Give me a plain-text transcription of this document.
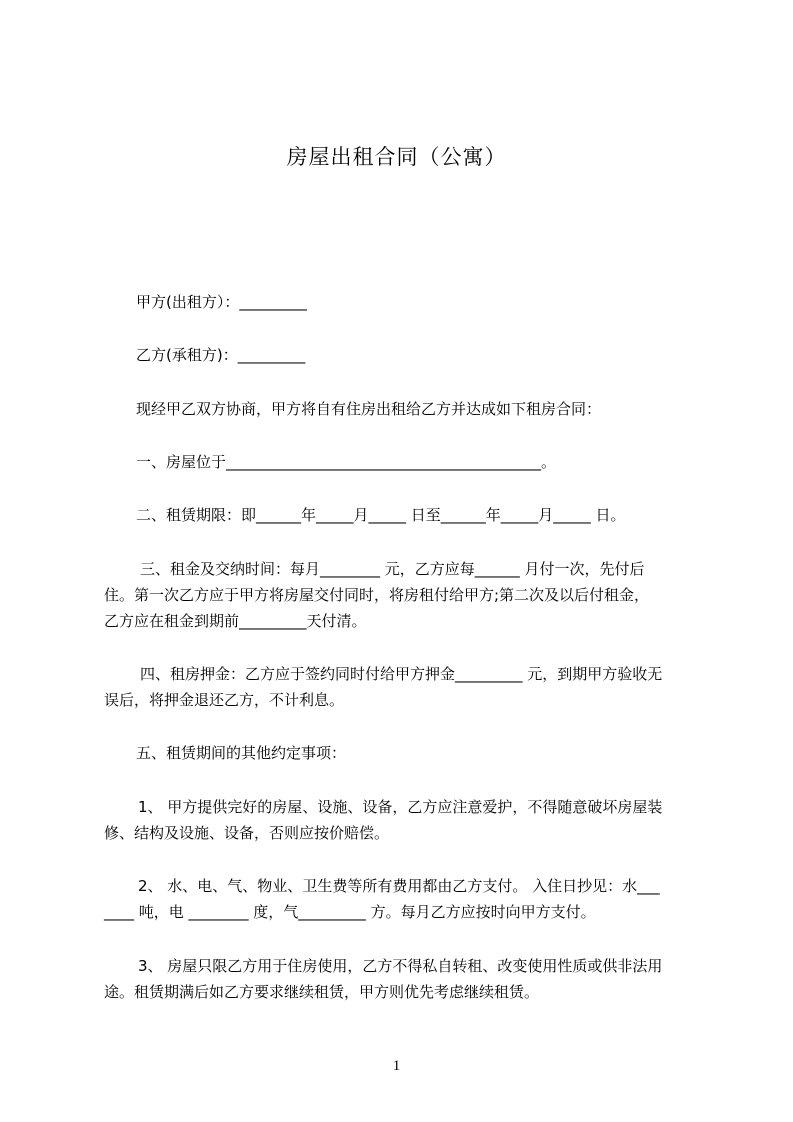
房屋出租合同（公寓）
甲方(出租方）：_________
乙方(承租方)：_________
现经甲乙双方协商，甲方将自有住房出租给乙方并达成如下租房合同：
一、房屋位于__________________________________________。
二、租赁期限：即______年_____月_____ 日至______年_____月_____ 日。
三、租金及交纳时间：每月________ 元，乙方应每______ 月付一次，先付后
住。第一次乙方应于甲方将房屋交付同时，将房租付给甲方;第二次及以后付租金，
乙方应在租金到期前_________天付清。
四、租房押金：乙方应于签约同时付给甲方押金_________ 元，到期甲方验收无
误后，将押金退还乙方，不计利息。
五、租赁期间的其他约定事项：
1、 甲方提供完好的房屋、设施、设备，乙方应注意爱护，不得随意破坏房屋装
修、结构及设施、设备，否则应按价赔偿。
2、 水、电、气、物业、卫生费等所有费用都由乙方支付。 入住日抄见：水___
____ 吨，电 ________ 度，气_________ 方。每月乙方应按时向甲方支付。
3、 房屋只限乙方用于住房使用，乙方不得私自转租、改变使用性质或供非法用
途。租赁期满后如乙方要求继续租赁，甲方则优先考虑继续租赁。
1
